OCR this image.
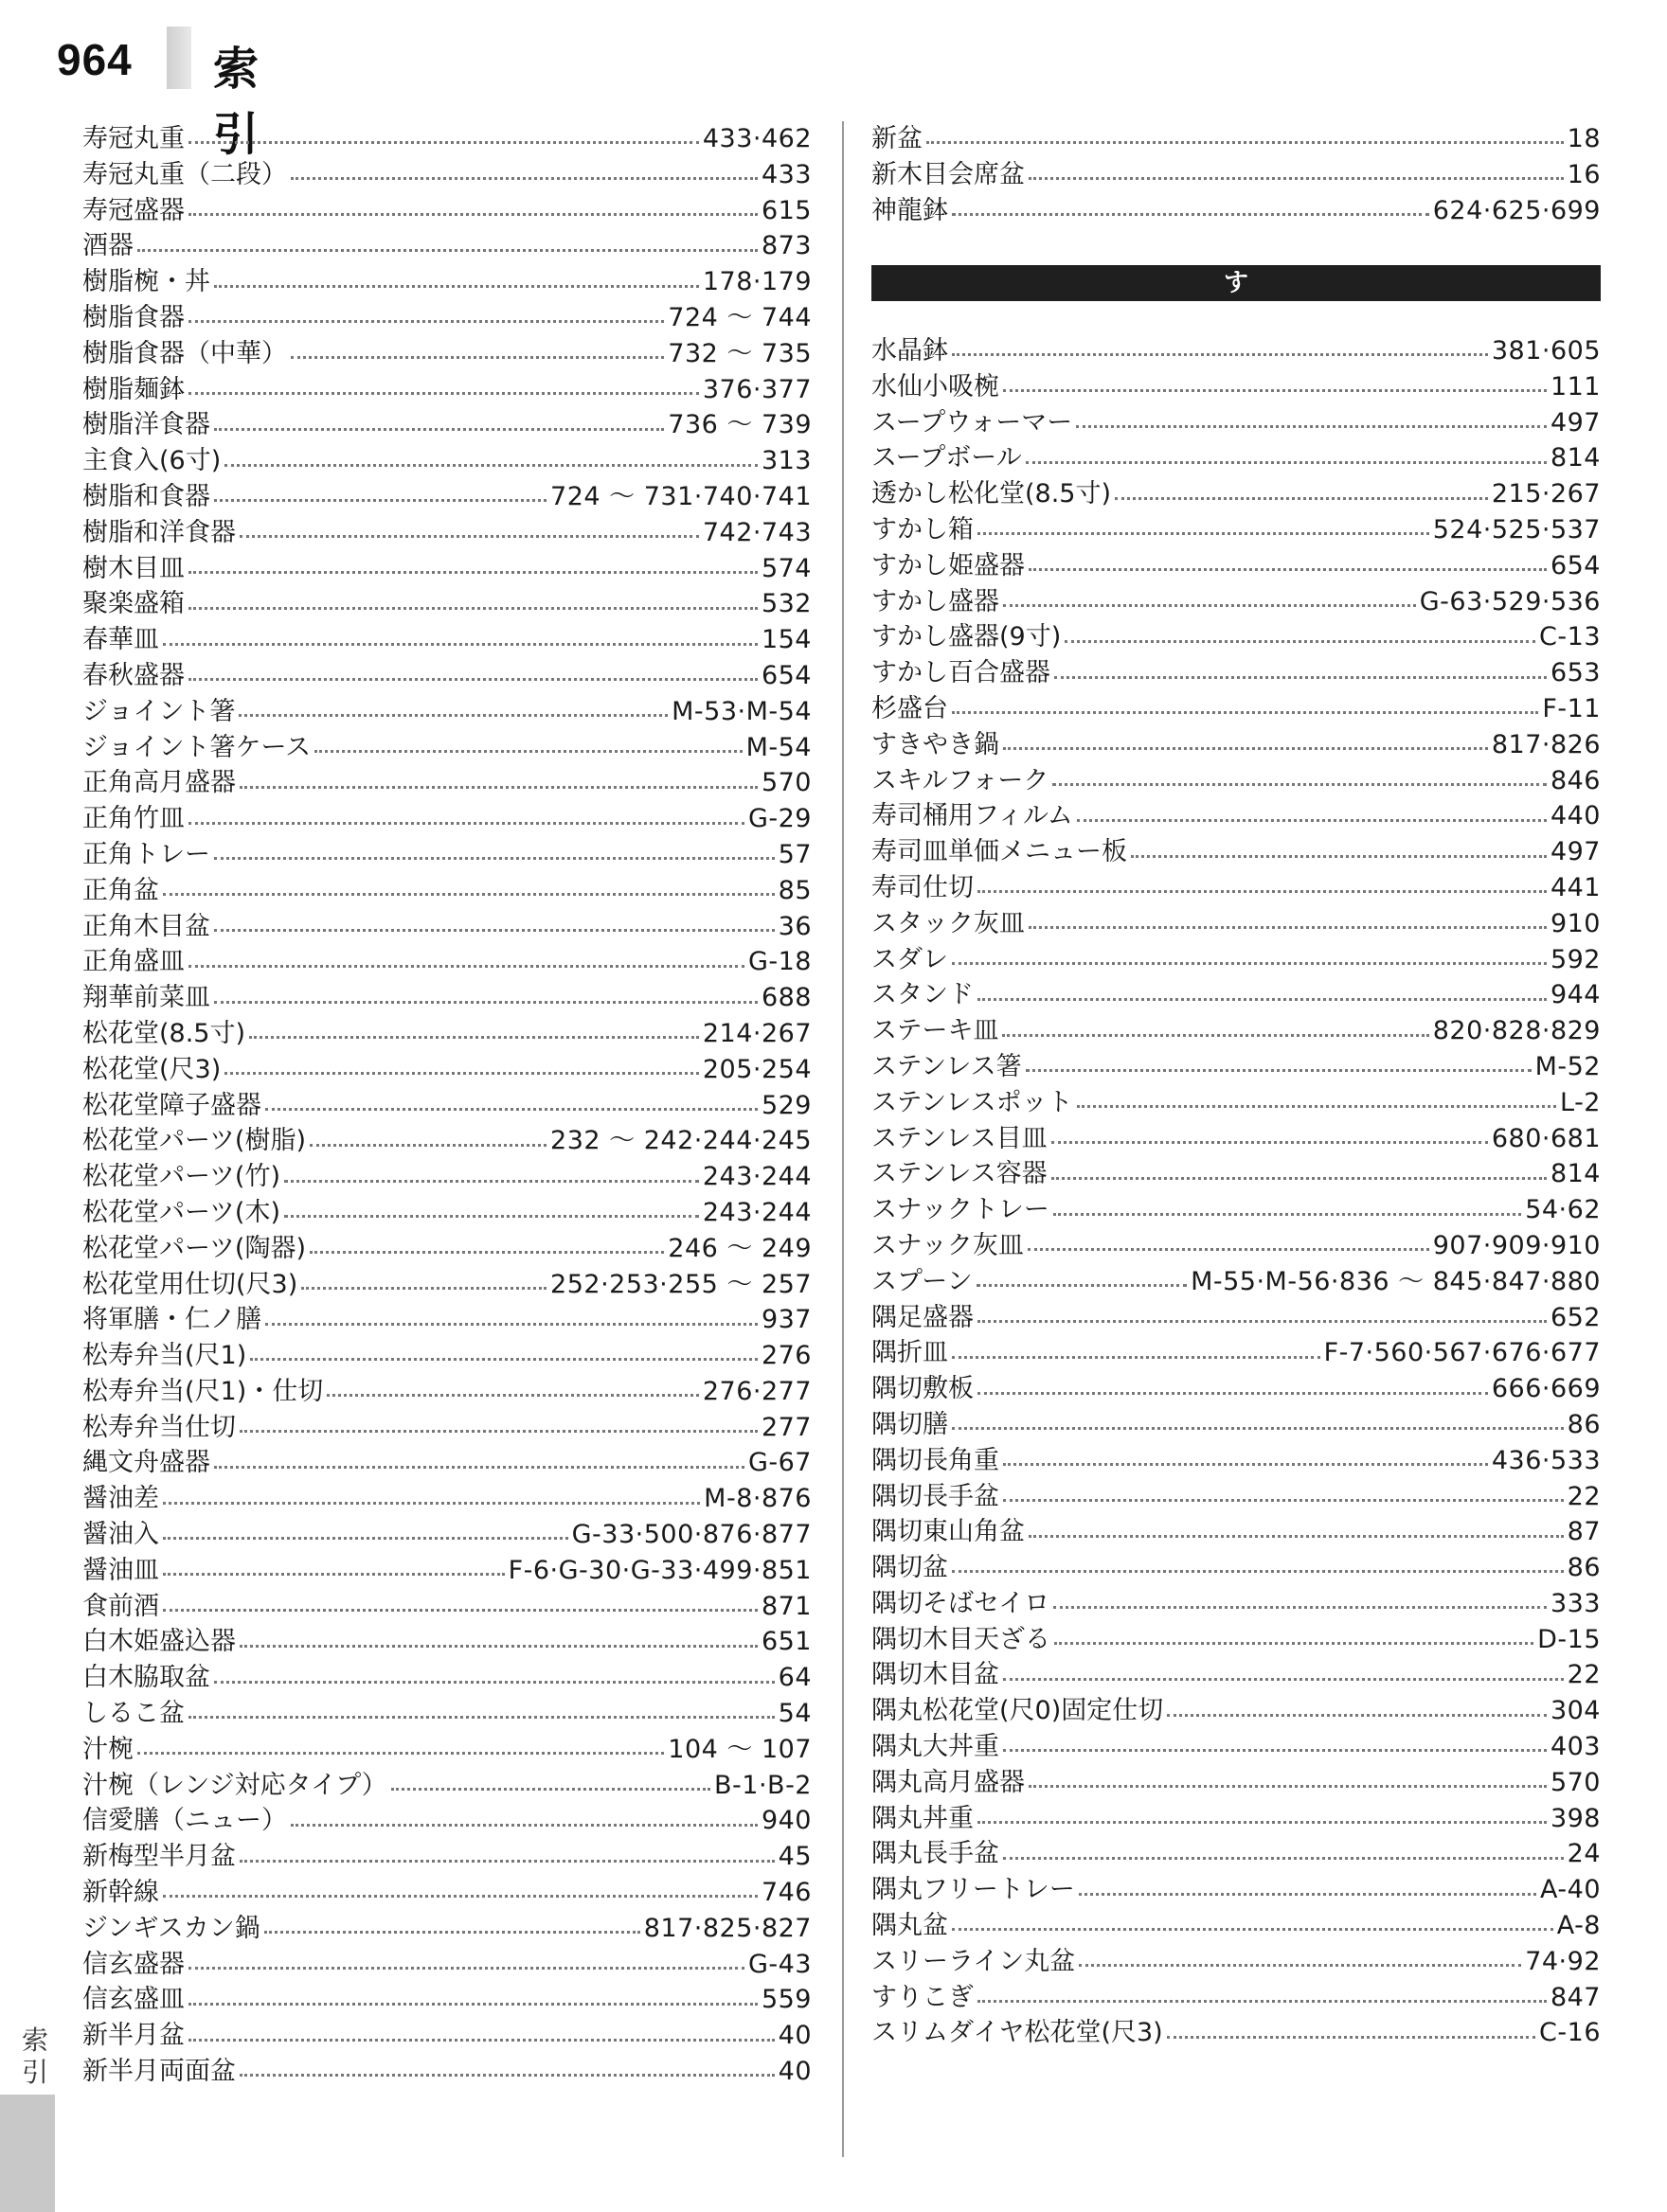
964 索引
寿冠丸重	433·462
寿冠丸重（二段）	433
寿冠盛器	615
酒器	873
樹脂椀・丼	178·179
樹脂食器	724 ～ 744
樹脂食器（中華）	732 ～ 735
樹脂麺鉢	376·377
樹脂洋食器	736 ～ 739
主食入(6寸)	313
樹脂和食器	724 ～ 731·740·741
樹脂和洋食器	742·743
樹木目皿	574
聚楽盛箱	532
春華皿	154
春秋盛器	654
ジョイント箸	M-53·M-54
ジョイント箸ケース	M-54
正角高月盛器	570
正角竹皿	G-29
正角トレー	57
正角盆	85
正角木目盆	36
正角盛皿	G-18
翔華前菜皿	688
松花堂(8.5寸)	214·267
松花堂(尺3)	205·254
松花堂障子盛器	529
松花堂パーツ(樹脂)	232 ～ 242·244·245
松花堂パーツ(竹)	243·244
松花堂パーツ(木)	243·244
松花堂パーツ(陶器)	246 ～ 249
松花堂用仕切(尺3)	252·253·255 ～ 257
将軍膳・仁ノ膳	937
松寿弁当(尺1)	276
松寿弁当(尺1)・仕切	276·277
松寿弁当仕切	277
縄文舟盛器	G-67
醤油差	M-8·876
醤油入	G-33·500·876·877
醤油皿	F-6·G-30·G-33·499·851
食前酒	871
白木姫盛込器	651
白木脇取盆	64
しるこ盆	54
汁椀	104 ～ 107
汁椀（レンジ対応タイプ）	B-1·B-2
信愛膳（ニュー）	940
新梅型半月盆	45
新幹線	746
ジンギスカン鍋	817·825·827
信玄盛器	G-43
信玄盛皿	559
新半月盆	40
新半月両面盆	40
新盆	18
新木目会席盆	16
神龍鉢	624·625·699
す
水晶鉢	381·605
水仙小吸椀	111
スープウォーマー	497
スープボール	814
透かし松化堂(8.5寸)	215·267
すかし箱	524·525·537
すかし姫盛器	654
すかし盛器	G-63·529·536
すかし盛器(9寸)	C-13
すかし百合盛器	653
杉盛台	F-11
すきやき鍋	817·826
スキルフォーク	846
寿司桶用フィルム	440
寿司皿単価メニュー板	497
寿司仕切	441
スタック灰皿	910
スダレ	592
スタンド	944
ステーキ皿	820·828·829
ステンレス箸	M-52
ステンレスポット	L-2
ステンレス目皿	680·681
ステンレス容器	814
スナックトレー	54·62
スナック灰皿	907·909·910
スプーン	M-55·M-56·836 ～ 845·847·880
隅足盛器	652
隅折皿	F-7·560·567·676·677
隅切敷板	666·669
隅切膳	86
隅切長角重	436·533
隅切長手盆	22
隅切東山角盆	87
隅切盆	86
隅切そばセイロ	333
隅切木目天ざる	D-15
隅切木目盆	22
隅丸松花堂(尺0)固定仕切	304
隅丸大丼重	403
隅丸高月盛器	570
隅丸丼重	398
隅丸長手盆	24
隅丸フリートレー	A-40
隅丸盆	A-8
スリーライン丸盆	74·92
すりこぎ	847
スリムダイヤ松花堂(尺3)	C-16
索引
